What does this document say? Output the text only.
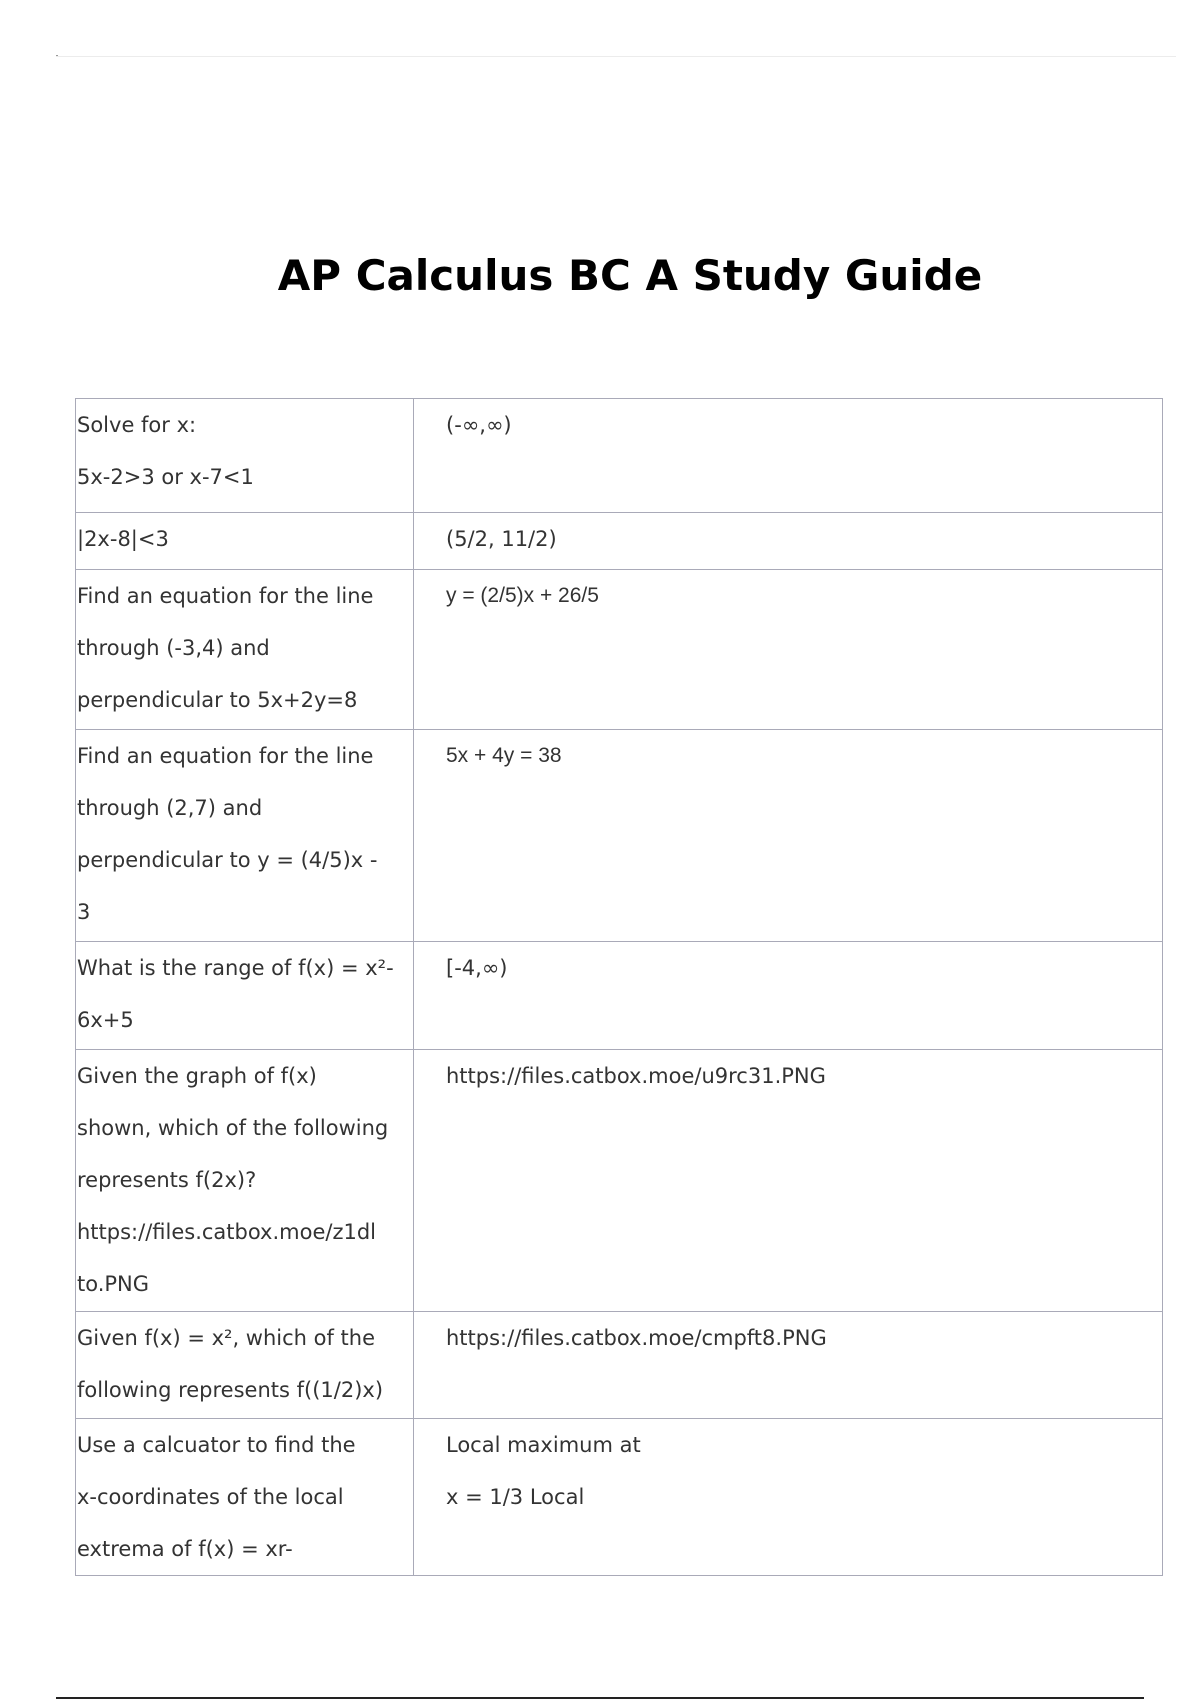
AP Calculus BC A Study Guide
Solve for x:
5x-2>3 or x-7<1	(-∞,∞)

|2x-8|<3	(5/2, 11/2)

Find an equation for the line
through (-3,4) and
perpendicular to 5x+2y=8	y = (2/5)x + 26/5

Find an equation for the line
through (2,7) and
perpendicular to y = (4/5)x -
3	5x + 4y = 38

What is the range of f(x) = x²-
6x+5	[-4,∞)

Given the graph of f(x)
shown, which of the following
represents f(2x)?
https://files.catbox.moe/z1dl
to.PNG	https://files.catbox.moe/u9rc31.PNG

Given f(x) = x², which of the
following represents f((1/2)x)	https://files.catbox.moe/cmpft8.PNG

Use a calcuator to find the
x-coordinates of the local
extrema of f(x) = xr-	Local maximum at
x = 1/3 Local
